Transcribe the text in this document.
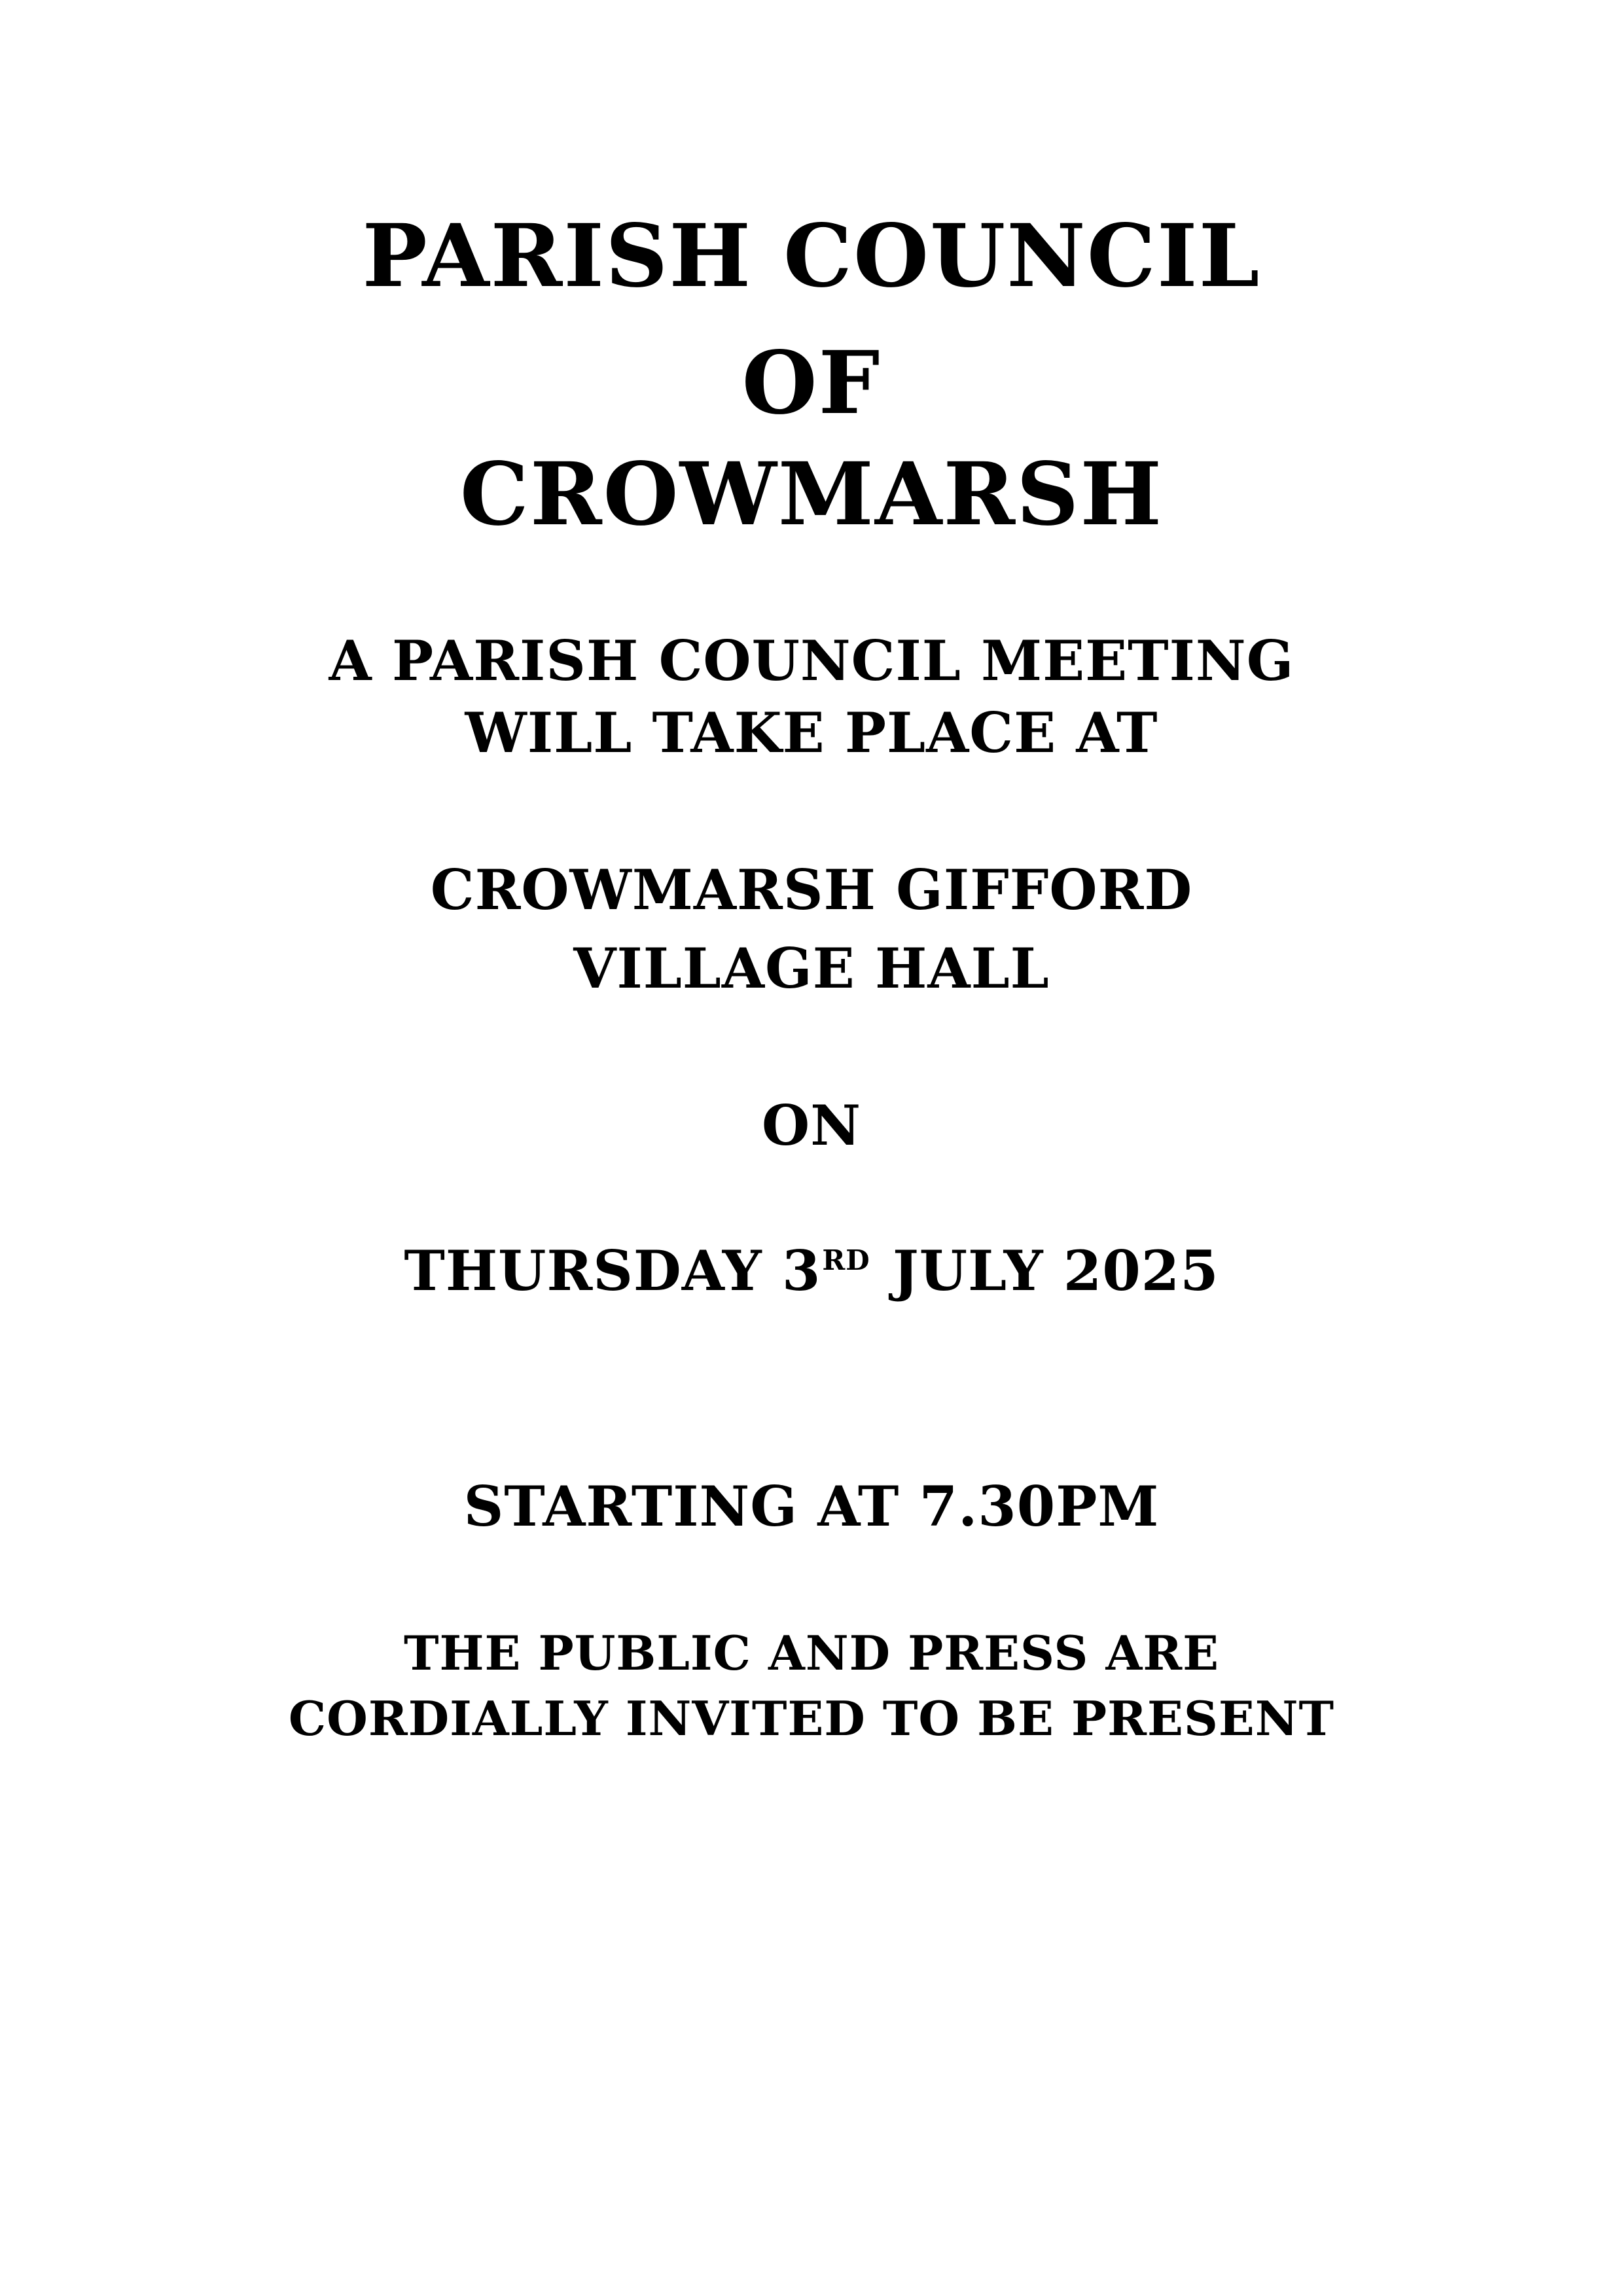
PARISH COUNCIL
OF
CROWMARSH
A PARISH COUNCIL MEETING
WILL TAKE PLACE AT
CROWMARSH GIFFORD
VILLAGE HALL
ON
THURSDAY 3RD JULY 2025
STARTING AT 7.30PM
THE PUBLIC AND PRESS ARE
CORDIALLY INVITED TO BE PRESENT
